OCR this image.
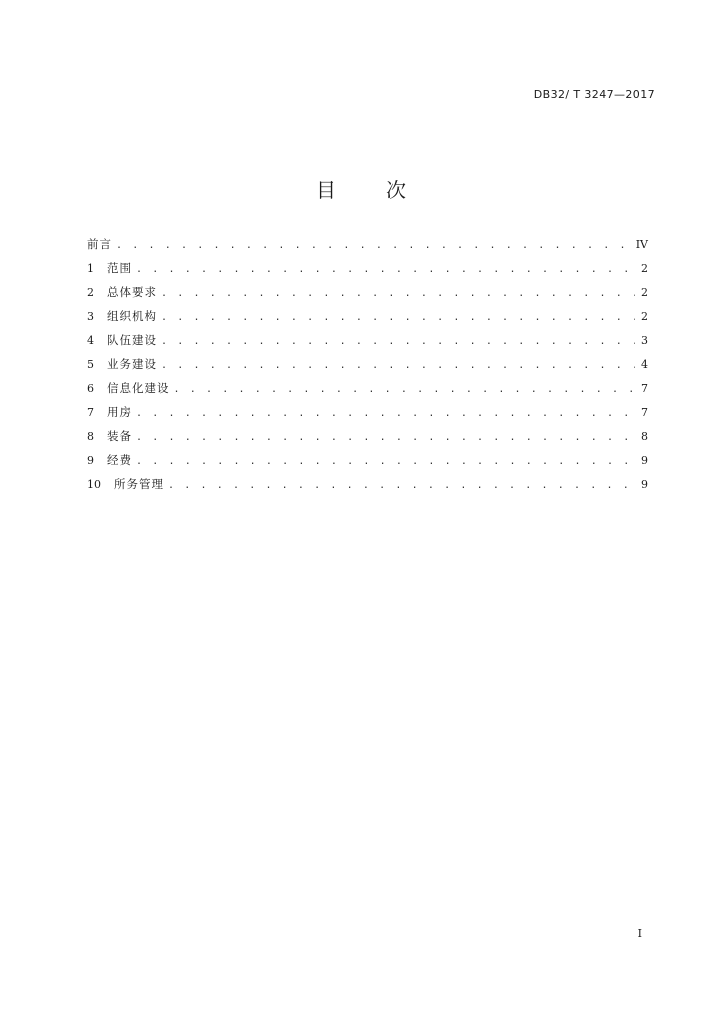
DB32/ T 3247—2017
目 次
前言 . . .	IV
1	范围 . . .	2
2	总体要求 . . .	2
3	组织机构 . . .	2
4	队伍建设 . . .	3
5	业务建设 . . .	4
6	信息化建设 . . .	7
7	用房 . . .	7
8	装备 . . .	8
9	经费 . . .	9
10	所务管理 . . .	9
I
